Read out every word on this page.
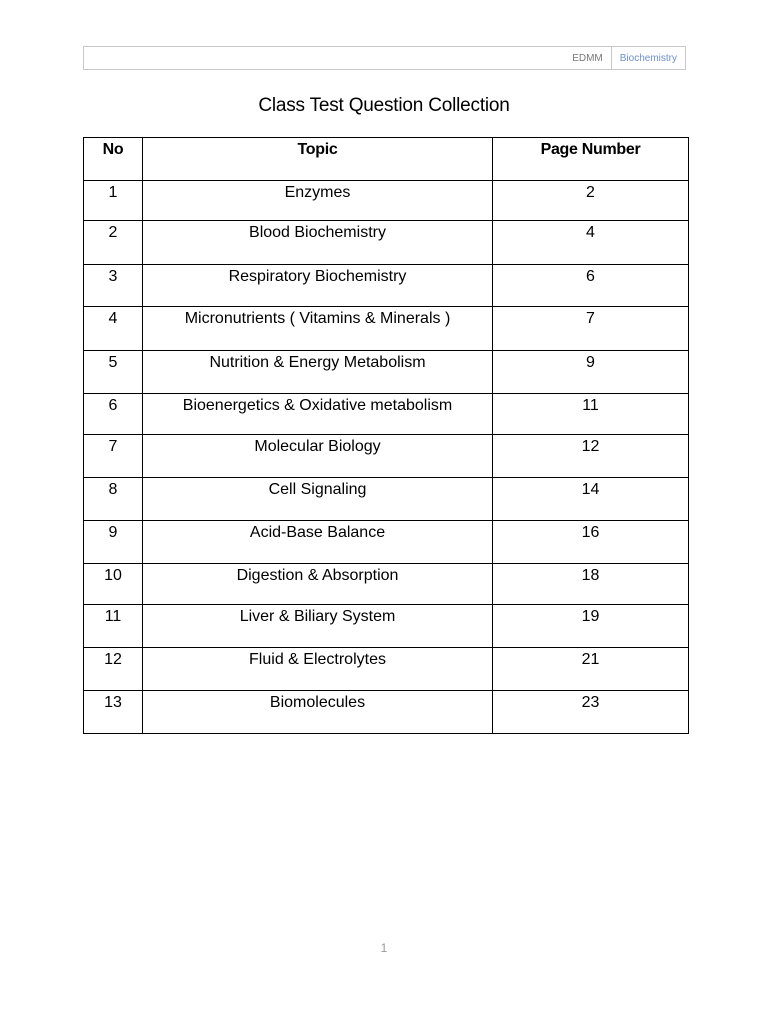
EDMM	Biochemistry
Class Test Question Collection
No	Topic	Page Number
1	Enzymes	2
2	Blood Biochemistry	4
3	Respiratory Biochemistry	6
4	Micronutrients ( Vitamins & Minerals )	7
5	Nutrition & Energy Metabolism	9
6	Bioenergetics & Oxidative metabolism	11
7	Molecular Biology	12
8	Cell Signaling	14
9	Acid-Base Balance	16
10	Digestion & Absorption	18
11	Liver & Biliary System	19
12	Fluid & Electrolytes	21
13	Biomolecules	23
1
